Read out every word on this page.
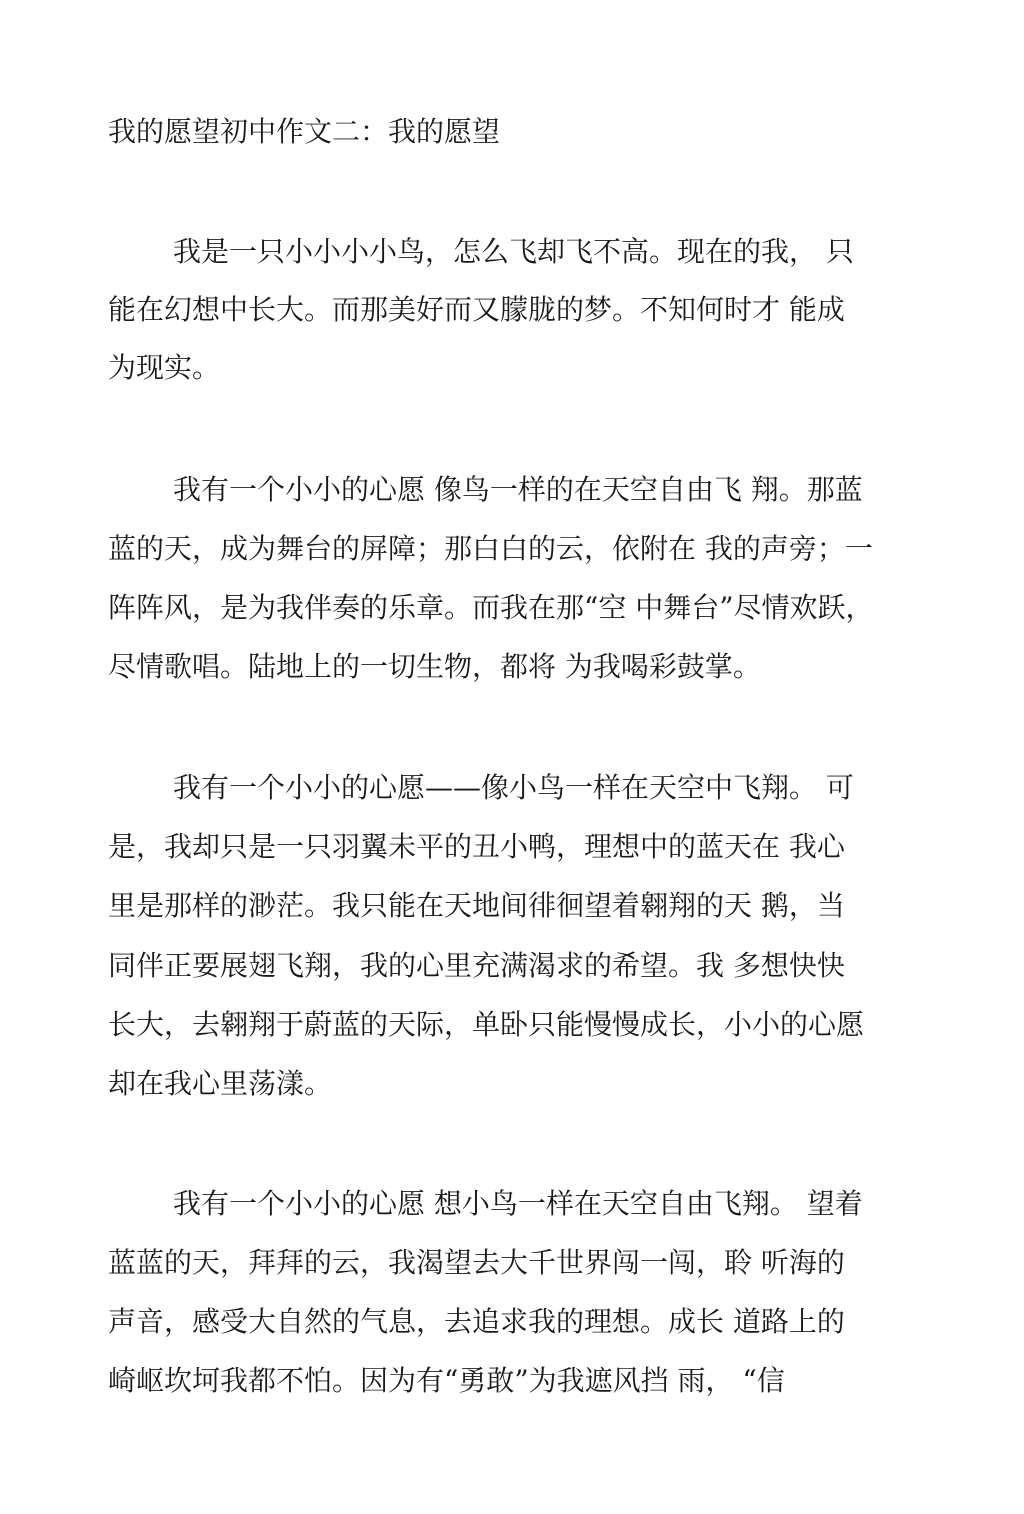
我的愿望初中作文二：我的愿望
我是一只小小小小鸟，怎么飞却飞不高。现在的我， 只
能在幻想中长大。而那美好而又朦胧的梦。不知何时才 能成
为现实。
我有一个小小的心愿 像鸟一样的在天空自由飞 翔。那蓝
蓝的天，成为舞台的屏障；那白白的云，依附在 我的声旁；一
阵阵风，是为我伴奏的乐章。而我在那“空 中舞台”尽情欢跃，
尽情歌唱。陆地上的一切生物，都将 为我喝彩鼓掌。
我有一个小小的心愿——像小鸟一样在天空中飞翔。 可
是，我却只是一只羽翼未平的丑小鸭，理想中的蓝天在 我心
里是那样的渺茫。我只能在天地间徘徊望着翱翔的天 鹅，当
同伴正要展翅飞翔，我的心里充满渴求的希望。我 多想快快
长大，去翱翔于蔚蓝的天际，单卧只能慢慢成长，小小的心愿
却在我心里荡漾。
我有一个小小的心愿 想小鸟一样在天空自由飞翔。 望着
蓝蓝的天，拜拜的云，我渴望去大千世界闯一闯，聆 听海的
声音，感受大自然的气息，去追求我的理想。成长 道路上的
崎岖坎坷我都不怕。因为有“勇敢”为我遮风挡 雨， “信
